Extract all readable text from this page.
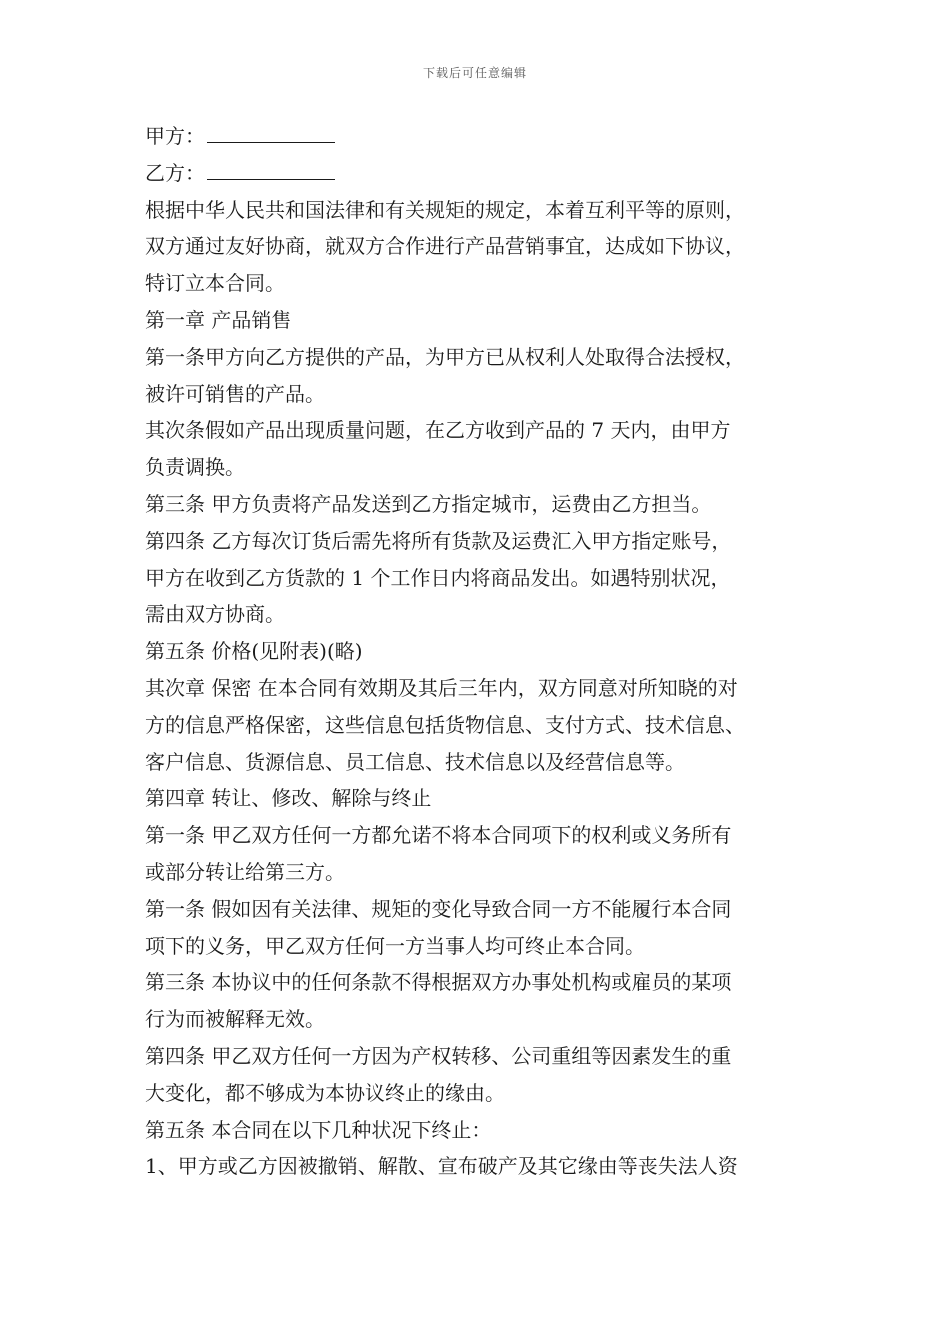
下载后可任意编辑
甲方：
乙方：
根据中华人民共和国法律和有关规矩的规定，本着互利平等的原则，
双方通过友好协商，就双方合作进行产品营销事宜，达成如下协议，
特订立本合同。
第一章 产品销售
第一条甲方向乙方提供的产品，为甲方已从权利人处取得合法授权，
被许可销售的产品。
其次条假如产品出现质量问题，在乙方收到产品的 7 天内，由甲方
负责调换。
第三条 甲方负责将产品发送到乙方指定城市，运费由乙方担当。
第四条 乙方每次订货后需先将所有货款及运费汇入甲方指定账号，
甲方在收到乙方货款的 1 个工作日内将商品发出。如遇特别状况，
需由双方协商。
第五条 价格(见附表)(略)
其次章 保密 在本合同有效期及其后三年内，双方同意对所知晓的对
方的信息严格保密，这些信息包括货物信息、支付方式、技术信息、
客户信息、货源信息、员工信息、技术信息以及经营信息等。
第四章 转让、修改、解除与终止
第一条 甲乙双方任何一方都允诺不将本合同项下的权利或义务所有
或部分转让给第三方。
第一条 假如因有关法律、规矩的变化导致合同一方不能履行本合同
项下的义务，甲乙双方任何一方当事人均可终止本合同。
第三条 本协议中的任何条款不得根据双方办事处机构或雇员的某项
行为而被解释无效。
第四条 甲乙双方任何一方因为产权转移、公司重组等因素发生的重
大变化，都不够成为本协议终止的缘由。
第五条 本合同在以下几种状况下终止：
1、甲方或乙方因被撤销、解散、宣布破产及其它缘由等丧失法人资
